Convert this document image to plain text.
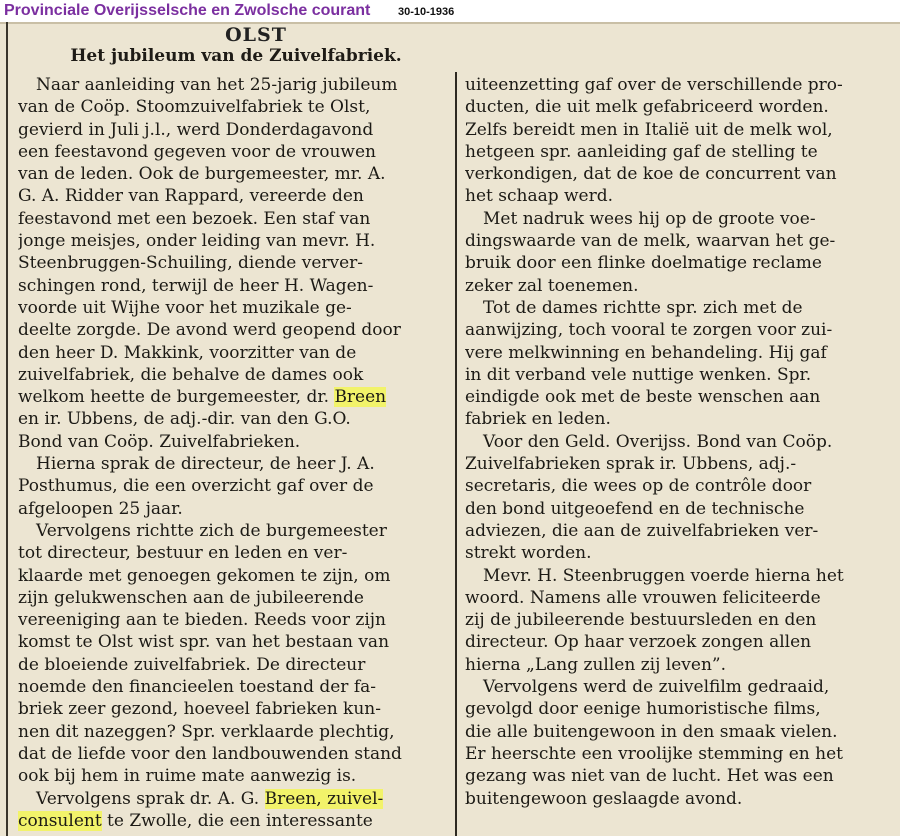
Provinciale Overijsselsche en Zwolsche courant	30-10-1936
OLST
Het jubileum van de Zuivelfabriek.
Naar aanleiding van het 25-jarig jubileum
van de Coöp. Stoomzuivelfabriek te Olst,
gevierd in Juli j.l., werd Donderdagavond
een feestavond gegeven voor de vrouwen
van de leden. Ook de burgemeester, mr. A.
G. A. Ridder van Rappard, vereerde den
feestavond met een bezoek. Een staf van
jonge meisjes, onder leiding van mevr. H.
Steenbruggen-Schuiling, diende verver-
schingen rond, terwijl de heer H. Wagen-
voorde uit Wijhe voor het muzikale ge-
deelte zorgde. De avond werd geopend door
den heer D. Makkink, voorzitter van de
zuivelfabriek, die behalve de dames ook
welkom heette de burgemeester, dr. Breen
en ir. Ubbens, de adj.-dir. van den G.O.
Bond van Coöp. Zuivelfabrieken.
Hierna sprak de directeur, de heer J. A.
Posthumus, die een overzicht gaf over de
afgeloopen 25 jaar.
Vervolgens richtte zich de burgemeester
tot directeur, bestuur en leden en ver-
klaarde met genoegen gekomen te zijn, om
zijn gelukwenschen aan de jubileerende
vereeniging aan te bieden. Reeds voor zijn
komst te Olst wist spr. van het bestaan van
de bloeiende zuivelfabriek. De directeur
noemde den financieelen toestand der fa-
briek zeer gezond, hoeveel fabrieken kun-
nen dit nazeggen? Spr. verklaarde plechtig,
dat de liefde voor den landbouwenden stand
ook bij hem in ruime mate aanwezig is.
Vervolgens sprak dr. A. G. Breen, zuivel-
consulent te Zwolle, die een interessante
uiteenzetting gaf over de verschillende pro-
ducten, die uit melk gefabriceerd worden.
Zelfs bereidt men in Italië uit de melk wol,
hetgeen spr. aanleiding gaf de stelling te
verkondigen, dat de koe de concurrent van
het schaap werd.
Met nadruk wees hij op de groote voe-
dingswaarde van de melk, waarvan het ge-
bruik door een flinke doelmatige reclame
zeker zal toenemen.
Tot de dames richtte spr. zich met de
aanwijzing, toch vooral te zorgen voor zui-
vere melkwinning en behandeling. Hij gaf
in dit verband vele nuttige wenken. Spr.
eindigde ook met de beste wenschen aan
fabriek en leden.
Voor den Geld. Overijss. Bond van Coöp.
Zuivelfabrieken sprak ir. Ubbens, adj.-
secretaris, die wees op de contrôle door
den bond uitgeoefend en de technische
adviezen, die aan de zuivelfabrieken ver-
strekt worden.
Mevr. H. Steenbruggen voerde hierna het
woord. Namens alle vrouwen feliciteerde
zij de jubileerende bestuursleden en den
directeur. Op haar verzoek zongen allen
hierna „Lang zullen zij leven”.
Vervolgens werd de zuivelfilm gedraaid,
gevolgd door eenige humoristische films,
die alle buitengewoon in den smaak vielen.
Er heerschte een vroolijke stemming en het
gezang was niet van de lucht. Het was een
buitengewoon geslaagde avond.
